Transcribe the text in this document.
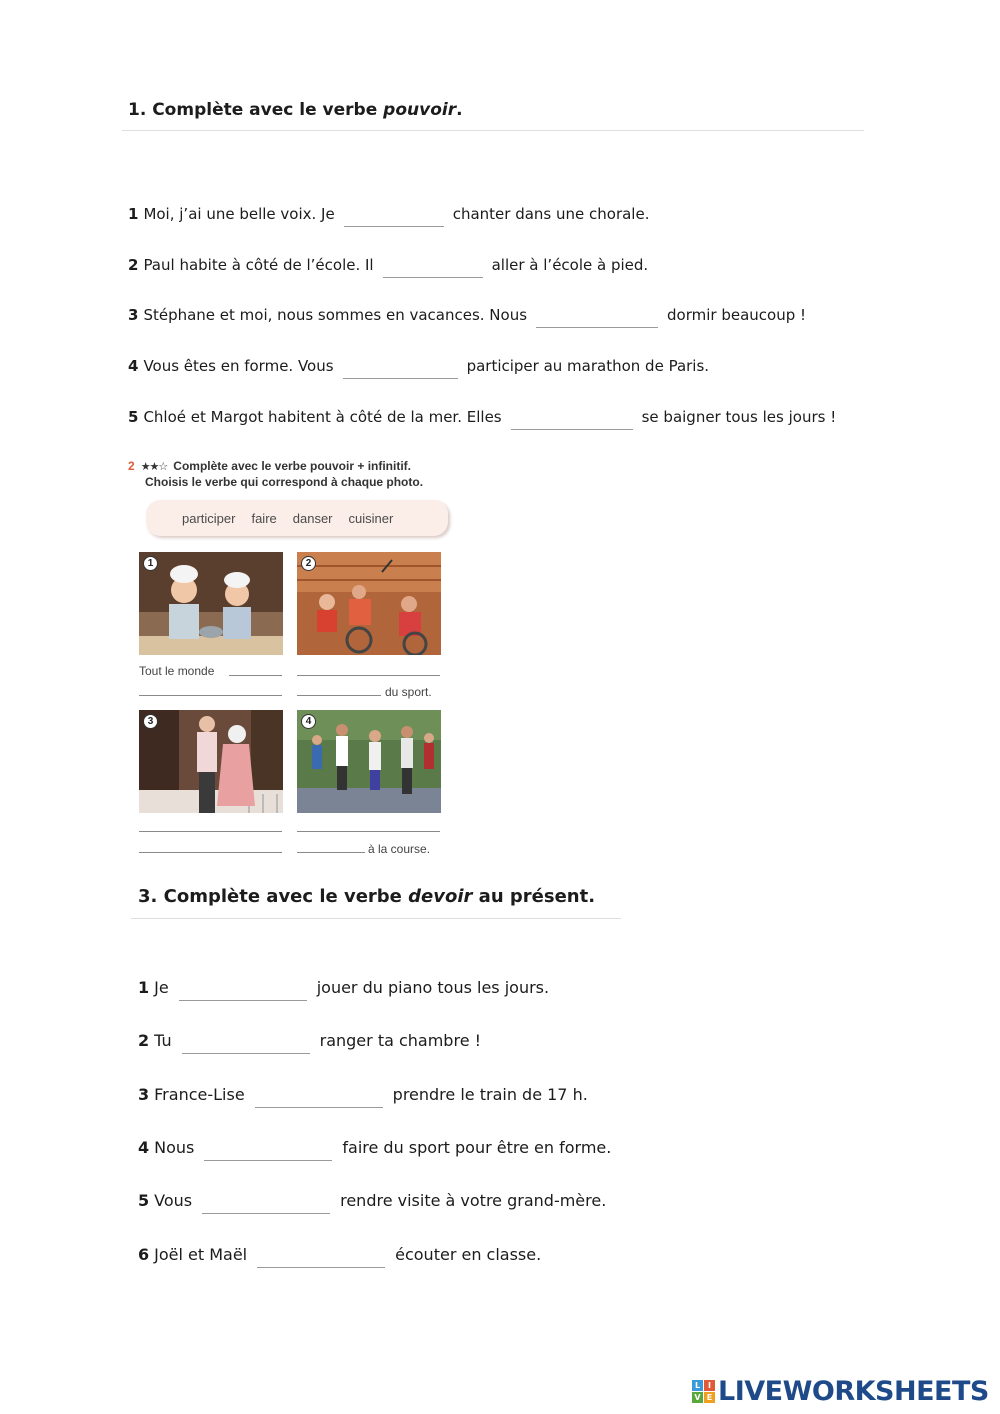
1. Complète avec le verbe pouvoir.
1 Moi, j’ai une belle voix. Je	chanter dans une chorale.
2 Paul habite à côté de l’école. Il	aller à l’école à pied.
3 Stéphane et moi, nous sommes en vacances. Nous	dormir beaucoup !
4 Vous êtes en forme. Vous	participer au marathon de Paris.
5 Chloé et Margot habitent à côté de la mer. Elles	se baigner tous les jours !
2 ★★☆ Complète avec le verbe pouvoir + infinitif.
Choisis le verbe qui correspond à chaque photo.
participer faire danser cuisiner
1	2
Tout le monde
du sport.
3	4
à la course.
3. Complète avec le verbe devoir au présent.
1 Je	jouer du piano tous les jours.
2 Tu	ranger ta chambre !
3 France-Lise	prendre le train de 17 h.
4 Nous	faire du sport pour être en forme.
5 Vous	rendre visite à votre grand-mère.
6 Joël et Maël	écouter en classe.
L I
V E LIVEWORKSHEETS
